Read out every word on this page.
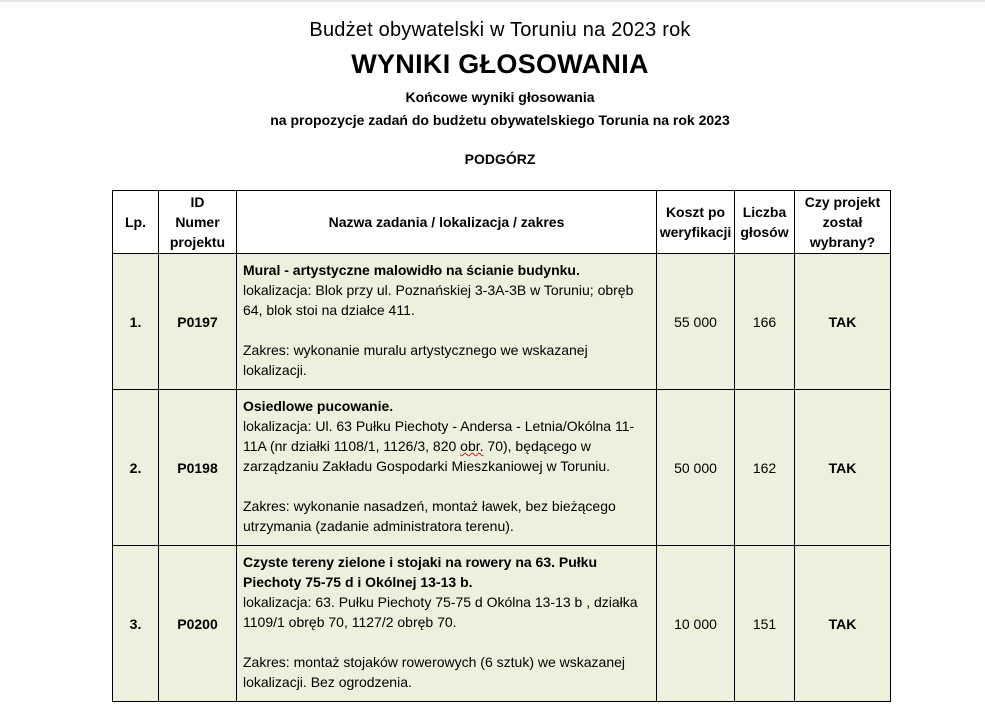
Budżet obywatelski w Toruniu na 2023 rok
WYNIKI GŁOSOWANIA
Końcowe wyniki głosowania
na propozycje zadań do budżetu obywatelskiego Torunia na rok 2023
PODGÓRZ
Lp.	ID Numer projektu	Nazwa zadania / lokalizacja / zakres	Koszt po weryfikacji	Liczba głosów	Czy projekt został wybrany?
1.	P0197	Mural - artystyczne malowidło na ścianie budynku.
lokalizacja: Blok przy ul. Poznańskiej 3-3A-3B w Toruniu; obręb 64, blok stoi na działce 411.
Zakres: wykonanie muralu artystycznego we wskazanej lokalizacji.	55 000	166	TAK
2.	P0198	Osiedlowe pucowanie.
lokalizacja: Ul. 63 Pułku Piechoty - Andersa - Letnia/Okólna 11-11A (nr działki 1108/1, 1126/3, 820 obr. 70), będącego w zarządzaniu Zakładu Gospodarki Mieszkaniowej w Toruniu.
Zakres: wykonanie nasadzeń, montaż ławek, bez bieżącego utrzymania (zadanie administratora terenu).	50 000	162	TAK
3.	P0200	Czyste tereny zielone i stojaki na rowery na 63. Pułku Piechoty 75-75 d i Okólnej 13-13 b.
lokalizacja: 63. Pułku Piechoty 75-75 d Okólna 13-13 b , działka 1109/1 obręb 70, 1127/2 obręb 70.
Zakres: montaż stojaków rowerowych (6 sztuk) we wskazanej lokalizacji. Bez ogrodzenia.	10 000	151	TAK
